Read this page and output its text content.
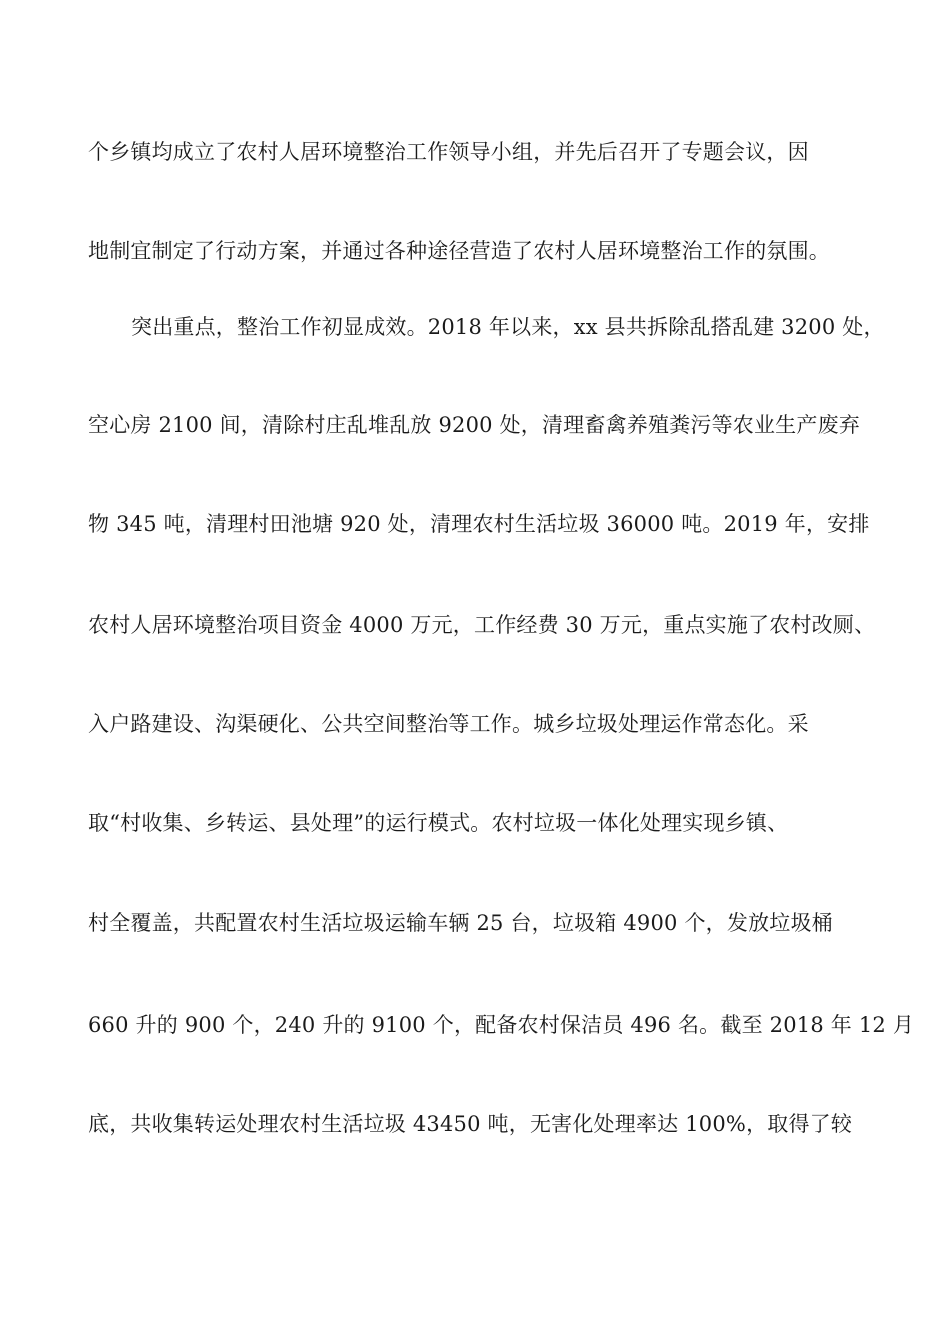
个乡镇均成立了农村人居环境整治工作领导小组，并先后召开了专题会议，因
地制宜制定了行动方案，并通过各种途径营造了农村人居环境整治工作的氛围。
突出重点，整治工作初显成效。2018 年以来，xx 县共拆除乱搭乱建 3200 处，
空心房 2100 间，清除村庄乱堆乱放 9200 处，清理畜禽养殖粪污等农业生产废弃
物 345 吨，清理村田池塘 920 处，清理农村生活垃圾 36000 吨。2019 年，安排
农村人居环境整治项目资金 4000 万元，工作经费 30 万元，重点实施了农村改厕、
入户路建设、沟渠硬化、公共空间整治等工作。城乡垃圾处理运作常态化。采
取“村收集、乡转运、县处理”的运行模式。农村垃圾一体化处理实现乡镇、
村全覆盖，共配置农村生活垃圾运输车辆 25 台，垃圾箱 4900 个，发放垃圾桶
660 升的 900 个，240 升的 9100 个，配备农村保洁员 496 名。截至 2018 年 12 月
底，共收集转运处理农村生活垃圾 43450 吨，无害化处理率达 100%，取得了较
